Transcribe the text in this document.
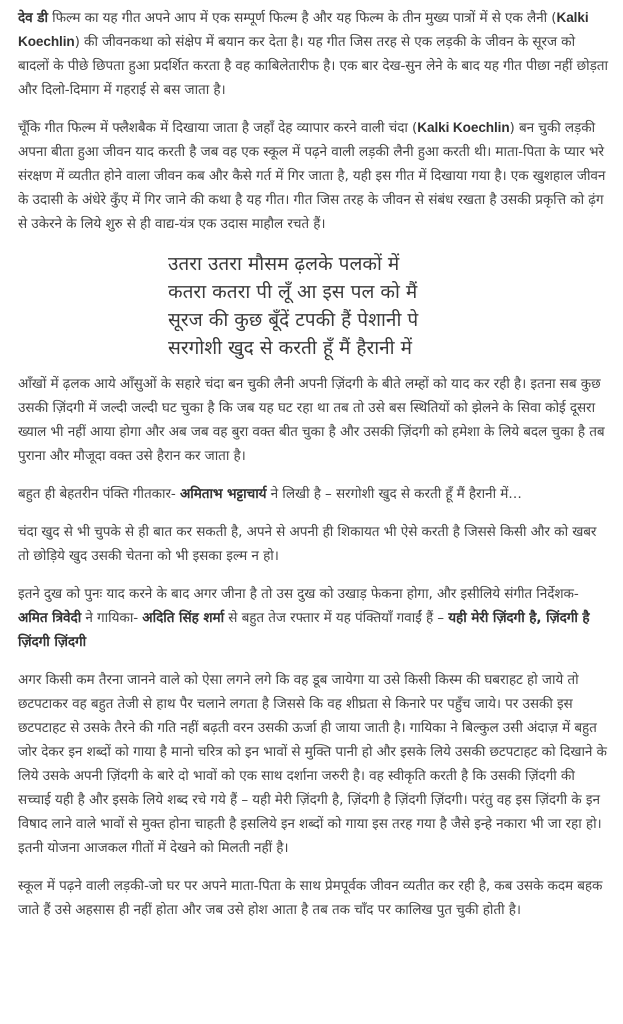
देव डी फिल्म का यह गीत अपने आप में एक सम्पूर्ण फिल्म है और यह फिल्म के तीन मुख्य पात्रों में से एक लैनी (Kalki Koechlin) की जीवनकथा को संक्षेप में बयान कर देता है। यह गीत जिस तरह से एक लड़की के जीवन के सूरज को बादलों के पीछे छिपता हुआ प्रदर्शित करता है वह काबिलेतारीफ है। एक बार देख-सुन लेने के बाद यह गीत पीछा नहीं छोड़ता और दिलो-दिमाग में गहराई से बस जाता है।

चूँकि गीत फिल्म में फ्लैशबैक में दिखाया जाता है जहाँ देह व्यापार करने वाली चंदा (Kalki Koechlin) बन चुकी लड़की अपना बीता हुआ जीवन याद करती है जब वह एक स्कूल में पढ़ने वाली लड़की लैनी हुआ करती थी। माता-पिता के प्यार भरे संरक्षण में व्यतीत होने वाला जीवन कब और कैसे गर्त में गिर जाता है, यही इस गीत में दिखाया गया है। एक खुशहाल जीवन के उदासी के अंधेरे कुँए में गिर जाने की कथा है यह गीत। गीत जिस तरह के जीवन से संबंध रखता है उसकी प्रकृत्ति को ढ़ंग से उकेरने के लिये शुरु से ही वाद्य-यंत्र एक उदास माहौल रचते हैं।

उतरा उतरा मौसम ढ़लके पलकों में
कतरा कतरा पी लूँ आ इस पल को मैं
सूरज की कुछ बूँदें टपकी हैं पेशानी पे
सरगोशी खुद से करती हूँ मैं हैरानी में

आँखों में ढ़लक आये आँसुओं के सहारे चंदा बन चुकी लैनी अपनी ज़िंदगी के बीते लम्हों को याद कर रही है। इतना सब कुछ उसकी ज़िंदगी में जल्दी जल्दी घट चुका है कि जब यह घट रहा था तब तो उसे बस स्थितियों को झेलने के सिवा कोई दूसरा ख्याल भी नहीं आया होगा और अब जब वह बुरा वक्त बीत चुका है और उसकी ज़िंदगी को हमेशा के लिये बदल चुका है तब पुराना और मौजूदा वक्त उसे हैरान कर जाता है।

बहुत ही बेहतरीन पंक्ति गीतकार- अमिताभ भट्टाचार्य ने लिखी है – सरगोशी खुद से करती हूँ मैं हैरानी में…

चंदा खुद से भी चुपके से ही बात कर सकती है, अपने से अपनी ही शिकायत भी ऐसे करती है जिससे किसी और को खबर तो छोड़िये खुद उसकी चेतना को भी इसका इल्म न हो।

इतने दुख को पुनः याद करने के बाद अगर जीना है तो उस दुख को उखाड़ फेकना होगा, और इसीलिये संगीत निर्देशक- अमित त्रिवेदी ने गायिका- अदिति सिंह शर्मा से बहुत तेज रफ्तार में यह पंक्तियाँ गवाईं हैं – यही मेरी ज़िंदगी है, ज़िंदगी है ज़िंदगी ज़िंदगी

अगर किसी कम तैरना जानने वाले को ऐसा लगने लगे कि वह डूब जायेगा या उसे किसी किस्म की घबराहट हो जाये तो छटपटाकर वह बहुत तेजी से हाथ पैर चलाने लगता है जिससे कि वह शीघ्रता से किनारे पर पहुँच जाये। पर उसकी इस छटपटाहट से उसके तैरने की गति नहीं बढ़ती वरन उसकी ऊर्जा ही जाया जाती है। गायिका ने बिल्कुल उसी अंदाज़ में बहुत जोर देकर इन शब्दों को गाया है मानो चरित्र को इन भावों से मुक्ति पानी हो और इसके लिये उसकी छटपटाहट को दिखाने के लिये उसके अपनी ज़िंदगी के बारे दो भावों को एक साथ दर्शाना जरुरी है। वह स्वीकृति करती है कि उसकी ज़िंदगी की सच्चाई यही है और इसके लिये शब्द रचे गये हैं – यही मेरी ज़िंदगी है, ज़िंदगी है ज़िंदगी ज़िंदगी। परंतु वह इस ज़िंदगी के इन विषाद लाने वाले भावों से मुक्त होना चाहती है इसलिये इन शब्दों को गाया इस तरह गया है जैसे इन्हे नकारा भी जा रहा हो।

इतनी योजना आजकल गीतों में देखने को मिलती नहीं है।

स्कूल में पढ़ने वाली लड़की-जो घर पर अपने माता-पिता के साथ प्रेमपूर्वक जीवन व्यतीत कर रही है, कब उसके कदम बहक जाते हैं उसे अहसास ही नहीं होता और जब उसे होश आता है तब तक चाँद पर कालिख पुत चुकी होती है।
